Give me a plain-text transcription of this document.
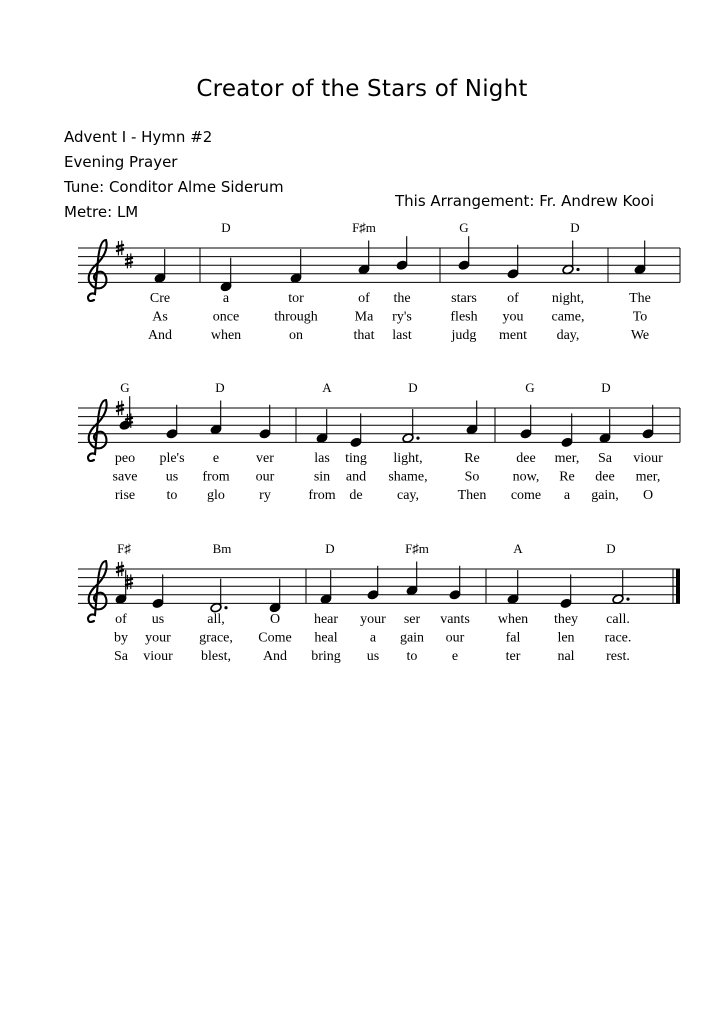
Creator of the Stars of Night
Advent I - Hymn #2
Evening Prayer
Tune: Conditor Alme Siderum
Metre: LM
This Arrangement: Fr. Andrew Kooi
D	F♯m	G	D
Cre	a	tor	of the	stars of night,	The
As	once	through	Ma ry's	flesh you came,	To
And	when	on	that last	judg ment day,	We
G	D	A	D	G	D
peo ple's e	ver	las ting light,	Re	dee mer, Sa viour
save us from our	sin and shame,	So now, Re dee mer,
rise to glo ry	from de cay,	Then come a gain, O
F♯	Bm	D	F♯m	A	D
of us	all,	O hear your ser vants when they call.
by your grace, Come heal a gain our	fal	len race.
Sa viour blest, And bring us to e	ter	nal rest.
